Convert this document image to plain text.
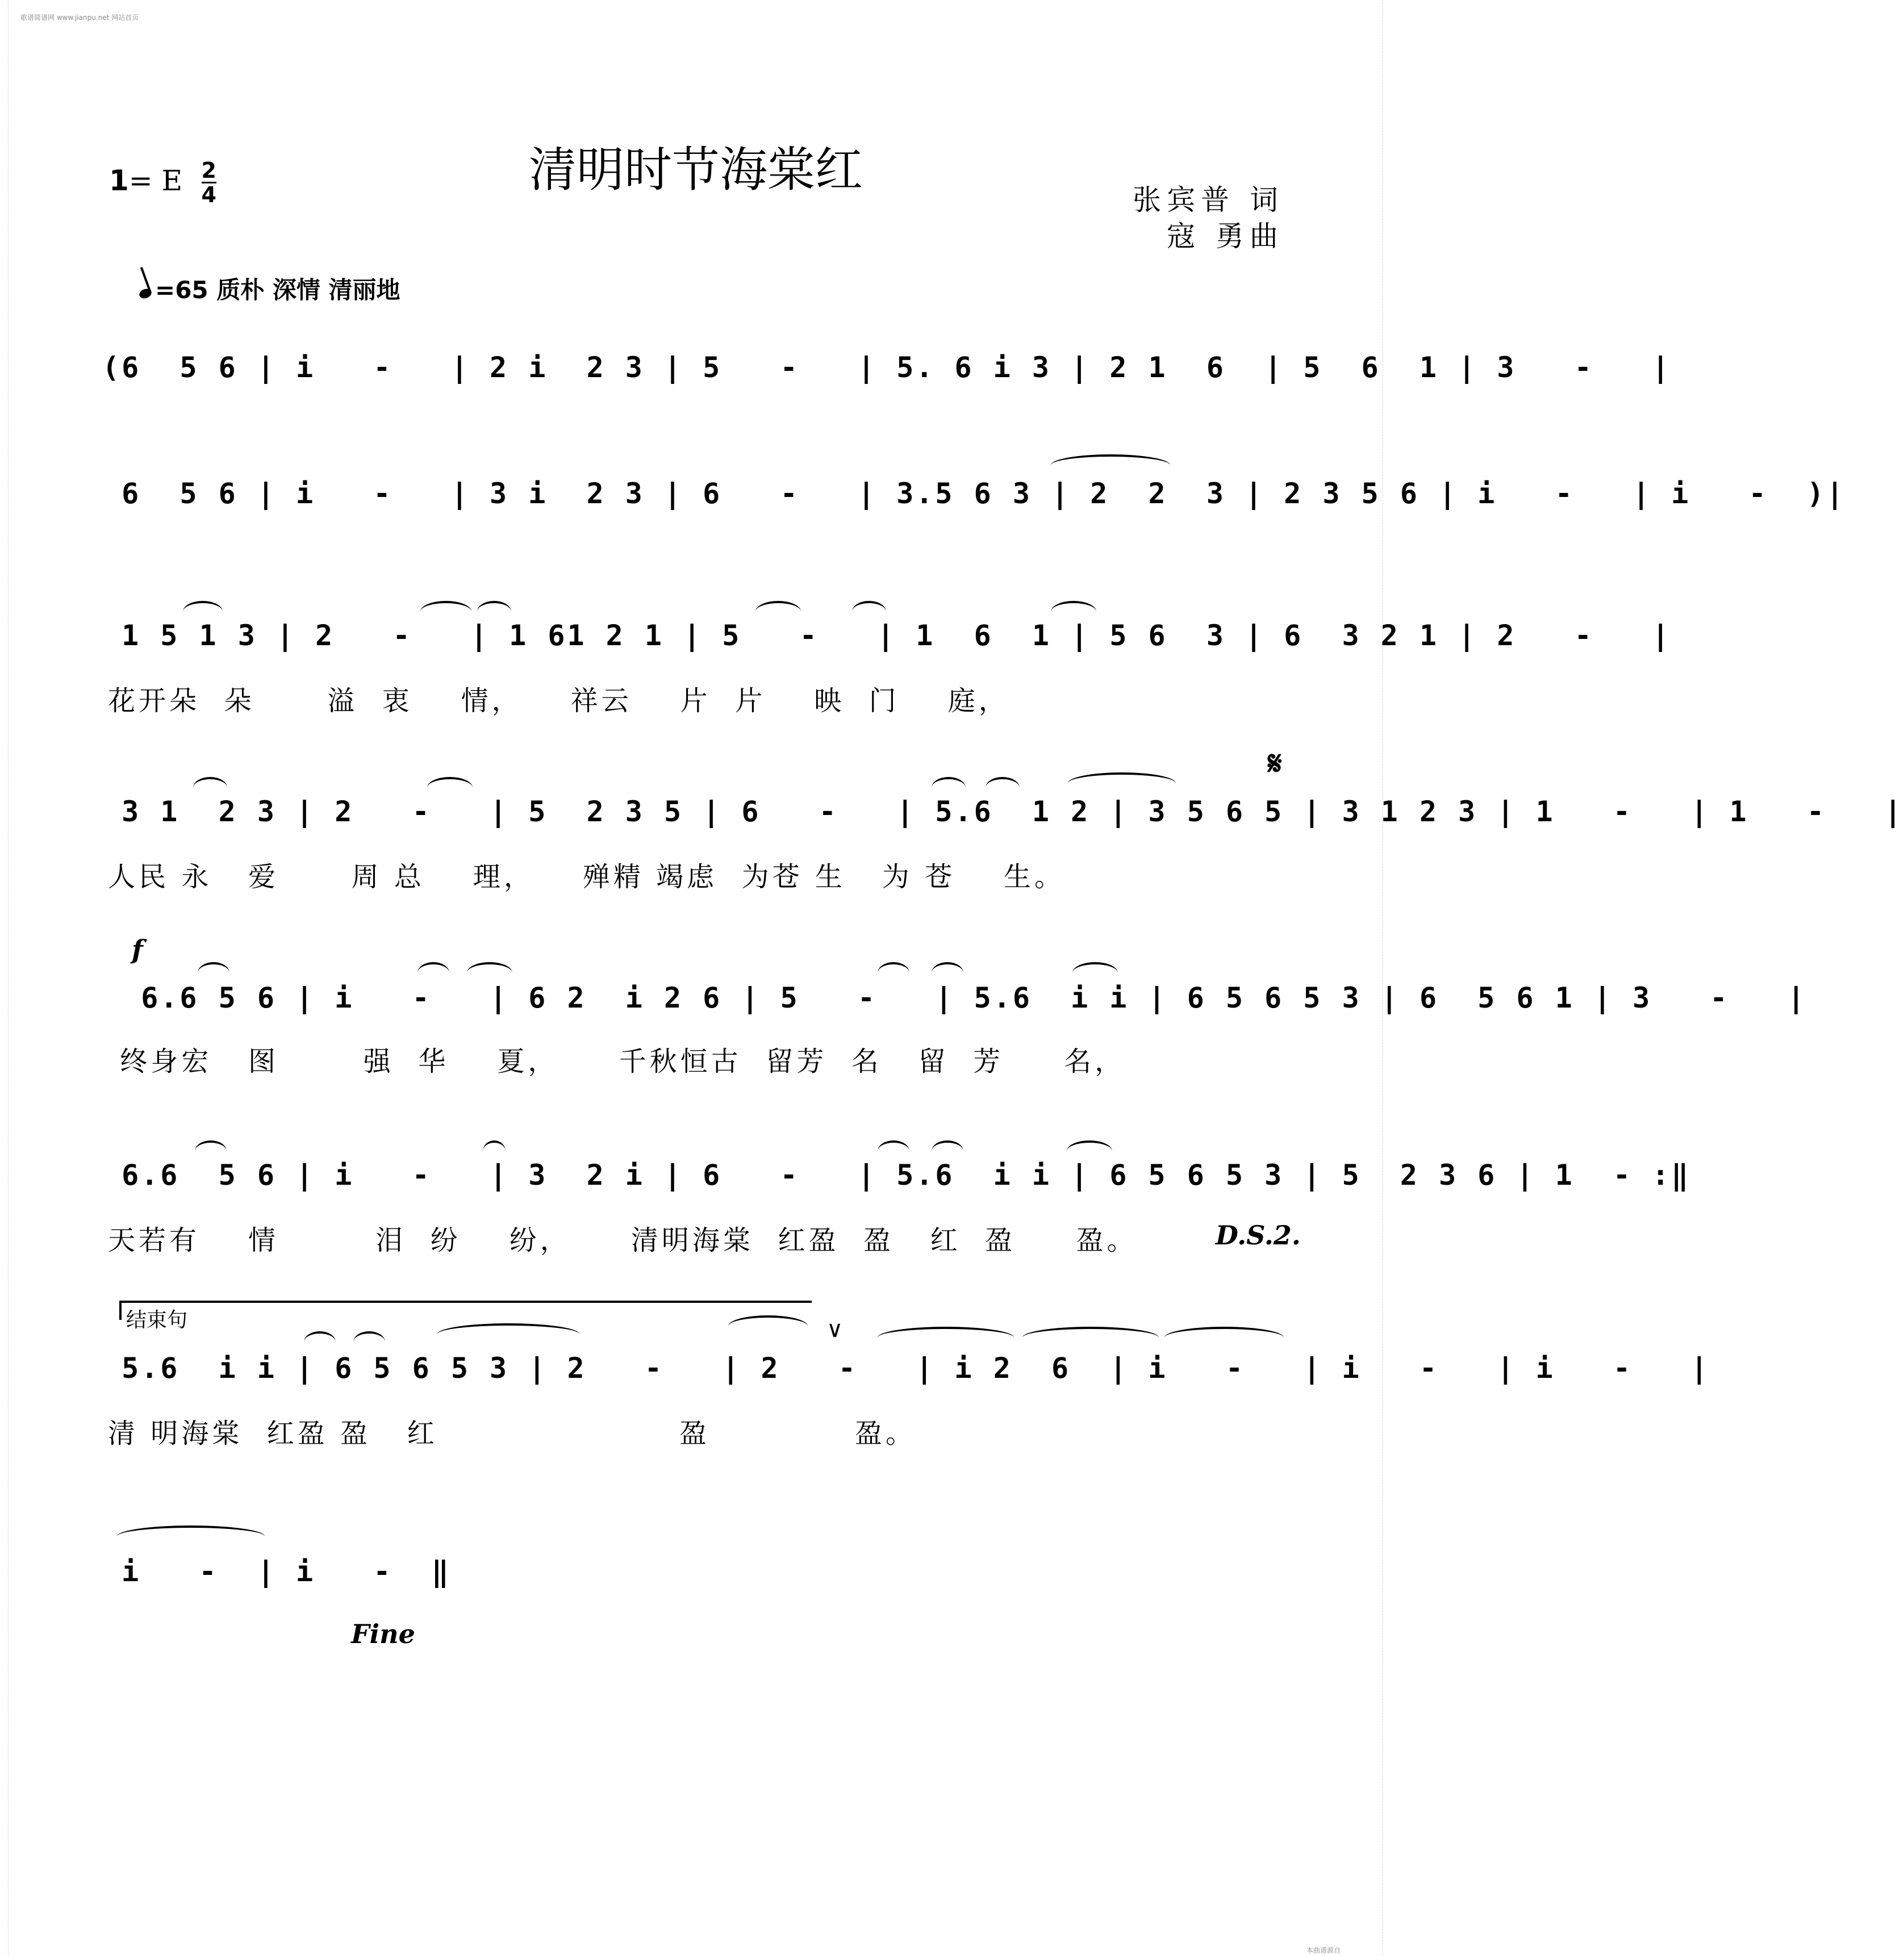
歌谱简谱网 www.jianpu.net 网站首页
本曲谱源自
清明时节海棠红
1= E $\frac{2}{4}$	张宾普 词
寇 勇曲
=65 质朴 深情 清丽地
(6  5 6 | i   -   | 2 i  2 3 | 5   -   | 5. 6 i 3 | 2 1  6  | 5  6  1 | 3   -   |
6  5 6 | i   -   | 3 i  2 3 | 6   -   | 3.5 6 3 | 2  2  3 | 2 3 5 6 | i   -   | i   -  )|
1 5 1 3 | 2   -   | 1 61 2 1 | 5   -   | 1  6  1 | 5 6  3 | 6  3 2 1 | 2   -   |
花开朵  朵      溢  衷    情，    祥云    片  片    映  门    庭，
𝄋
3 1  2 3 | 2   -   | 5  2 3 5 | 6   -   | 5.6  1 2 | 3 5 6 5 | 3 1 2 3 | 1   -   | 1   -   |
人民 永   爱      周 总    理，    殚精 竭虑  为苍 生   为 苍    生。
f
6.6 5 6 | i   -   | 6 2  i 2 6 | 5   -   | 5.6  i i | 6 5 6 5 3 | 6  5 6 1 | 3   -   |
终身宏   图       强  华    夏，     千秋恒古  留芳  名   留  芳     名，
6.6  5 6 | i   -   | 3  2 i | 6   -   | 5.6  i i | 6 5 6 5 3 | 5  2 3 6 | 1  - :‖
天若有    情        泪  纷    纷，     清明海棠  红盈  盈   红  盈     盈。	D.S.2.
结束句	∨
5.6  i i | 6 5 6 5 3 | 2   -   | 2   -   | i 2  6  | i   -   | i   -   | i   -   |
清 明海棠  红盈 盈   红                    盈            盈。
i   -  | i   -  ‖
Fine
